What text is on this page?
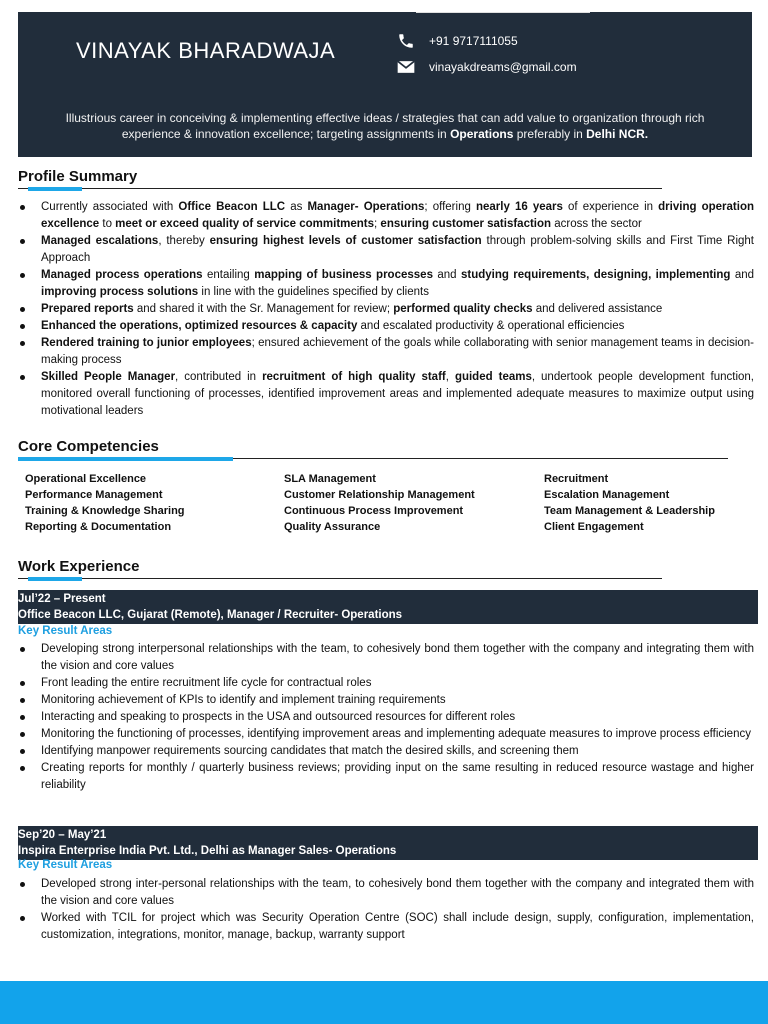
VINAYAK BHARADWAJA	+91 9717111055
vinayakdreams@gmail.com
Illustrious career in conceiving & implementing effective ideas / strategies that can add value to organization through rich experience & innovation excellence; targeting assignments in Operations preferably in Delhi NCR.
Profile Summary
Currently associated with Office Beacon LLC as Manager- Operations; offering nearly 16 years of experience in driving operation excellence to meet or exceed quality of service commitments; ensuring customer satisfaction across the sector
Managed escalations, thereby ensuring highest levels of customer satisfaction through problem-solving skills and First Time Right Approach
Managed process operations entailing mapping of business processes and studying requirements, designing, implementing and improving process solutions in line with the guidelines specified by clients
Prepared reports and shared it with the Sr. Management for review; performed quality checks and delivered assistance
Enhanced the operations, optimized resources & capacity and escalated productivity & operational efficiencies
Rendered training to junior employees; ensured achievement of the goals while collaborating with senior management teams in decision-making process
Skilled People Manager, contributed in recruitment of high quality staff, guided teams, undertook people development function, monitored overall functioning of processes, identified improvement areas and implemented adequate measures to maximize output using motivational leaders
Core Competencies
Operational Excellence	SLA Management	Recruitment
Performance Management	Customer Relationship Management	Escalation Management
Training & Knowledge Sharing	Continuous Process Improvement	Team Management & Leadership
Reporting & Documentation	Quality Assurance	Client Engagement
Work Experience
Jul’22 – Present
Office Beacon LLC, Gujarat (Remote), Manager / Recruiter- Operations
Key Result Areas
Developing strong interpersonal relationships with the team, to cohesively bond them together with the company and integrating them with the vision and core values
Front leading the entire recruitment life cycle for contractual roles
Monitoring achievement of KPIs to identify and implement training requirements
Interacting and speaking to prospects in the USA and outsourced resources for different roles
Monitoring the functioning of processes, identifying improvement areas and implementing adequate measures to improve process efficiency
Identifying manpower requirements sourcing candidates that match the desired skills, and screening them
Creating reports for monthly / quarterly business reviews; providing input on the same resulting in reduced resource wastage and higher reliability
Sep’20 – May’21
Inspira Enterprise India Pvt. Ltd., Delhi as Manager Sales- Operations
Key Result Areas
Developed strong inter-personal relationships with the team, to cohesively bond them together with the company and integrated them with the vision and core values
Worked with TCIL for project which was Security Operation Centre (SOC) shall include design, supply, configuration, implementation, customization, integrations, monitor, manage, backup, warranty support
